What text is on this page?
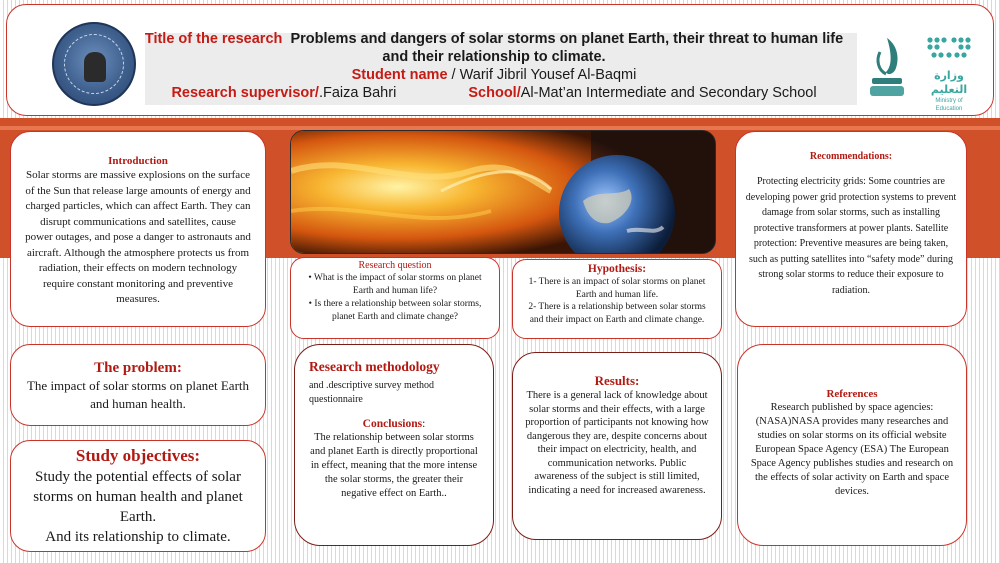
وزارة التعليم
Ministry of Education
Title of the research Problems and dangers of solar storms on planet Earth, their threat to human life and their relationship to climate.
Student name / Warif Jibril Yousef Al-Baqmi
Research supervisor/.Faiza Bahri	School/Al-Mat’an Intermediate and Secondary School
Introduction
Solar storms are massive explosions on the surface of the Sun that release large amounts of energy and charged particles, which can affect Earth. They can disrupt communications and satellites, cause power outages, and pose a danger to astronauts and aircraft. Although the atmosphere protects us from radiation, their effects on modern technology require constant monitoring and preventive measures.
The problem:
The impact of solar storms on planet Earth and human health.
Study objectives:
Study the potential effects of solar storms on human health and planet Earth.
And its relationship to climate.
Research question
• What is the impact of solar storms on planet Earth and human life?
• Is there a relationship between solar storms, planet Earth and climate change?
Hypothesis:
1- There is an impact of solar storms on planet Earth and human life.
2- There is a relationship between solar storms and their impact on Earth and climate change.
Research methodology
and .descriptive survey method questionnaire
Conclusions:
The relationship between solar storms and planet Earth is directly proportional in effect, meaning that the more intense the solar storms, the greater their negative effect on Earth..
Results:
There is a general lack of knowledge about solar storms and their effects, with a large proportion of participants not knowing how dangerous they are, despite concerns about their impact on electricity, health, and communication networks. Public awareness of the subject is still limited, indicating a need for increased awareness.
Recommendations:
Protecting electricity grids: Some countries are developing power grid protection systems to prevent damage from solar storms, such as installing protective transformers at power plants. Satellite protection: Preventive measures are being taken, such as putting satellites into “safety mode” during strong solar storms to reduce their exposure to radiation.
References
Research published by space agencies: (NASA)NASA provides many researches and studies on solar storms on its official website European Space Agency (ESA) The European Space Agency publishes studies and research on the effects of solar activity on Earth and space devices.
